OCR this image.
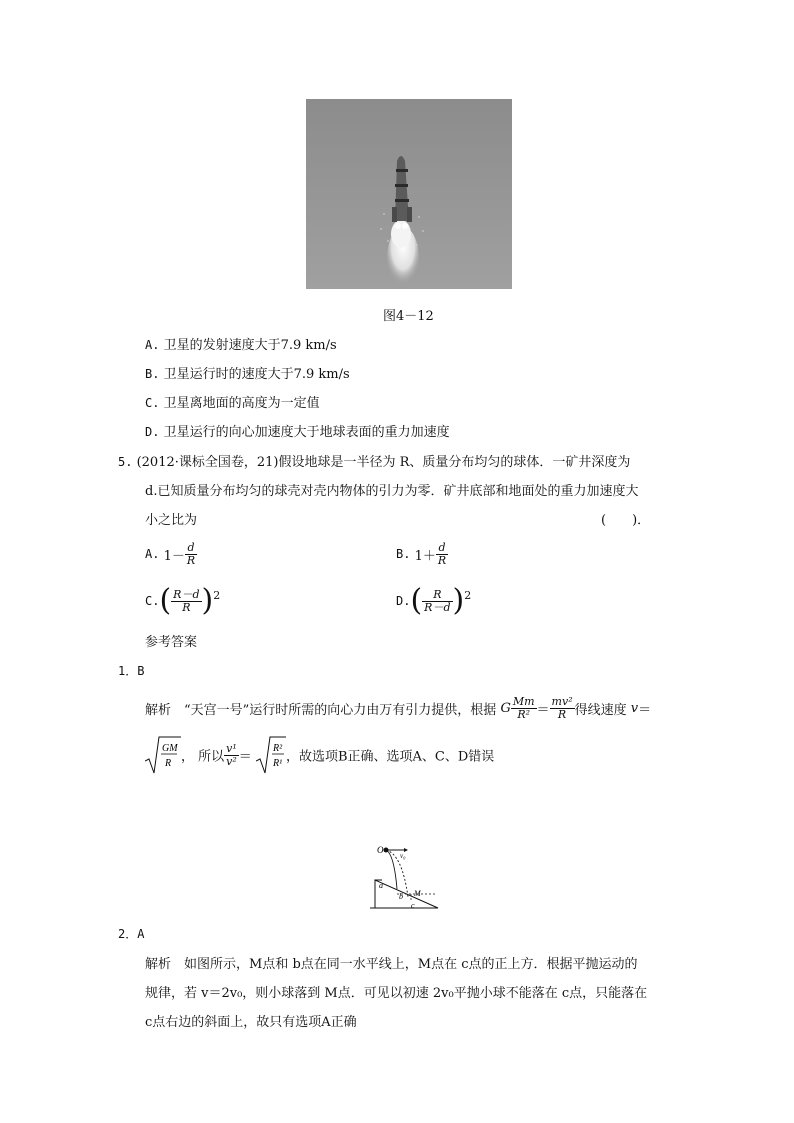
图4－12
A. 卫星的发射速度大于7.9 km/s
B. 卫星运行时的速度大于7.9 km/s
C. 卫星离地面的高度为一定值
D. 卫星运行的向心加速度大于地球表面的重力加速度
5. (2012·课标全国卷，21)假设地球是一半径为 R、质量分布均匀的球体．一矿井深度为
d.已知质量分布均匀的球壳对壳内物体的引力为零．矿井底部和地面处的重力加速度大
小之比为	(　　)．
A. $1- \frac{d}{R}$	B. $1+ \frac{d}{R}$
$C.( \frac{R-d}{R} )^2$	$D.( \frac{R}{R-d} )^2$
参考答案
1．B
解析　“天宫一号”运行时所需的向心力由万有引力提供，根据 G $\frac{Mm}{\text{R²}} = \frac{\text{mv²}}{R}$ 得线速度 v＝
GM
R ， 所以 $\frac{\text{v¹}}{\text{v²}}$ ＝
R²
R¹ ，故选项B正确、选项A、C、D错误
O
v₀
a
b M
c
2．A
解析　如图所示，M点和 b点在同一水平线上，M点在 c点的正上方．根据平抛运动的
规律，若 v＝2v₀，则小球落到 M点．可见以初速 2v₀平抛小球不能落在 c点，只能落在
c点右边的斜面上，故只有选项A正确
